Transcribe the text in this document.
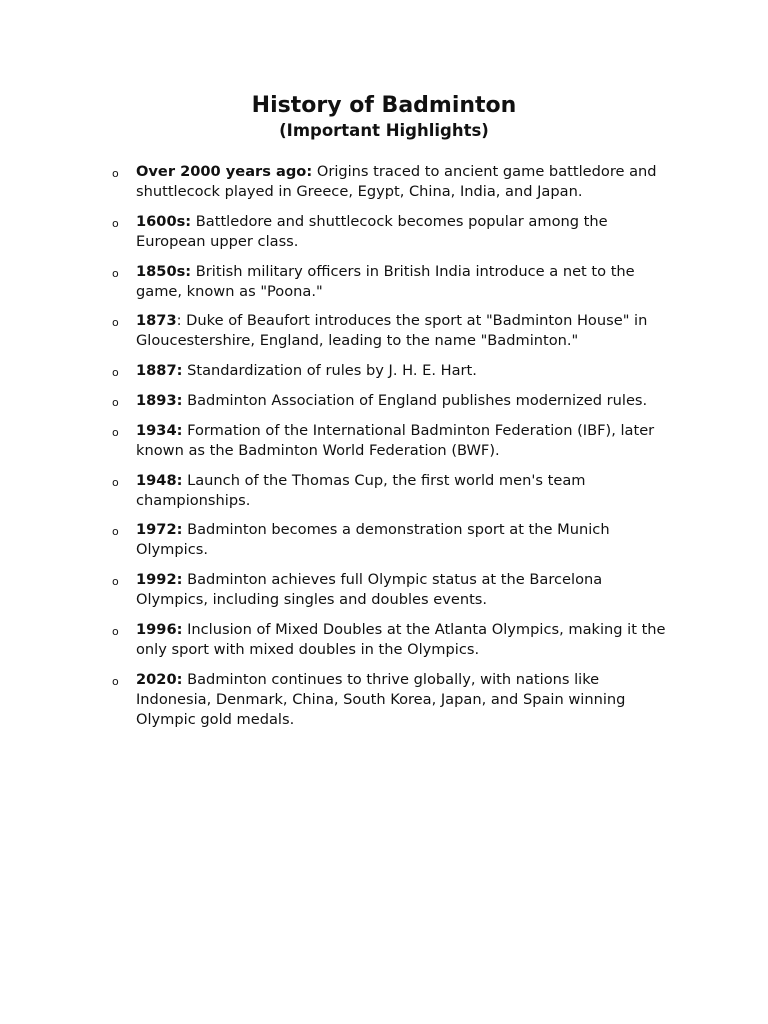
History of Badminton
(Important Highlights)
o Over 2000 years ago: Origins traced to ancient game battledore and shuttlecock played in Greece, Egypt, China, India, and Japan.
o 1600s: Battledore and shuttlecock becomes popular among the European upper class.
o 1850s: British military officers in British India introduce a net to the game, known as "Poona."
o 1873: Duke of Beaufort introduces the sport at "Badminton House" in Gloucestershire, England, leading to the name "Badminton."
o 1887: Standardization of rules by J. H. E. Hart.
o 1893: Badminton Association of England publishes modernized rules.
o 1934: Formation of the International Badminton Federation (IBF), later known as the Badminton World Federation (BWF).
o 1948: Launch of the Thomas Cup, the first world men's team championships.
o 1972: Badminton becomes a demonstration sport at the Munich Olympics.
o 1992: Badminton achieves full Olympic status at the Barcelona Olympics, including singles and doubles events.
o 1996: Inclusion of Mixed Doubles at the Atlanta Olympics, making it the only sport with mixed doubles in the Olympics.
o 2020: Badminton continues to thrive globally, with nations like Indonesia, Denmark, China, South Korea, Japan, and Spain winning Olympic gold medals.
